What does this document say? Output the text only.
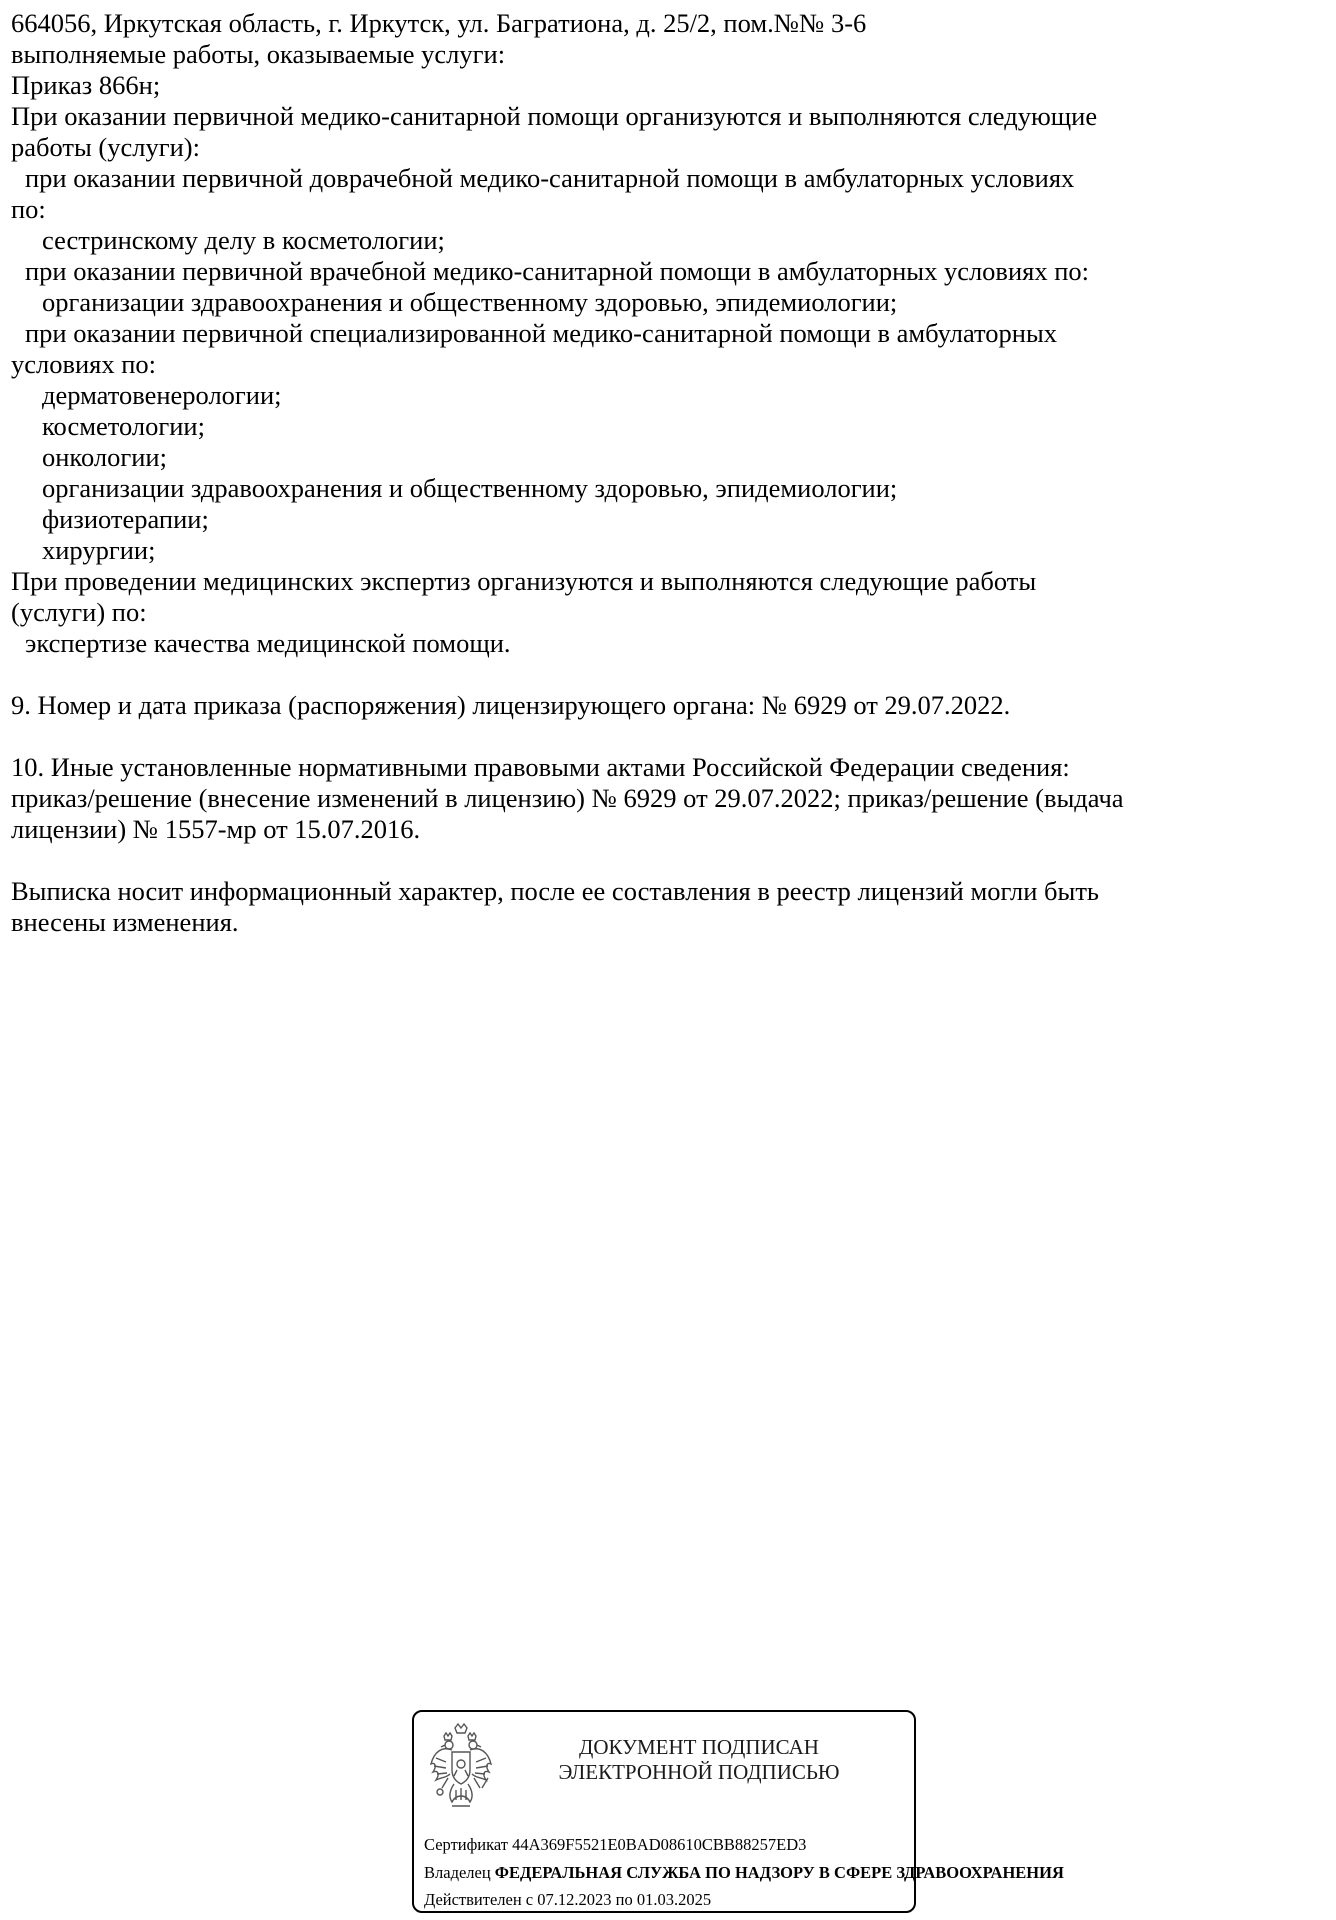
664056, Иркутская область, г. Иркутск, ул. Багратиона, д. 25/2, пом.№№ 3-6
выполняемые работы, оказываемые услуги:
Приказ 866н;
При оказании первичной медико-санитарной помощи организуются и выполняются следующие
работы (услуги):
при оказании первичной доврачебной медико-санитарной помощи в амбулаторных условиях
по:
сестринскому делу в косметологии;
при оказании первичной врачебной медико-санитарной помощи в амбулаторных условиях по:
организации здравоохранения и общественному здоровью, эпидемиологии;
при оказании первичной специализированной медико-санитарной помощи в амбулаторных
условиях по:
дерматовенерологии;
косметологии;
онкологии;
организации здравоохранения и общественному здоровью, эпидемиологии;
физиотерапии;
хирургии;
При проведении медицинских экспертиз организуются и выполняются следующие работы
(услуги) по:
экспертизе качества медицинской помощи.
9. Номер и дата приказа (распоряжения) лицензирующего органа: № 6929 от 29.07.2022.
10. Иные установленные нормативными правовыми актами Российской Федерации сведения:
приказ/решение (внесение изменений в лицензию) № 6929 от 29.07.2022; приказ/решение (выдача
лицензии) № 1557-мр от 15.07.2016.
Выписка носит информационный характер, после ее составления в реестр лицензий могли быть
внесены изменения.
ДОКУМЕНТ ПОДПИСАН
ЭЛЕКТРОННОЙ ПОДПИСЬЮ
Сертификат 44A369F5521E0BAD08610CBB88257ED3
Владелец ФЕДЕРАЛЬНАЯ СЛУЖБА ПО НАДЗОРУ В СФЕРЕ ЗДРАВООХРАНЕНИЯ
Действителен с 07.12.2023 по 01.03.2025
